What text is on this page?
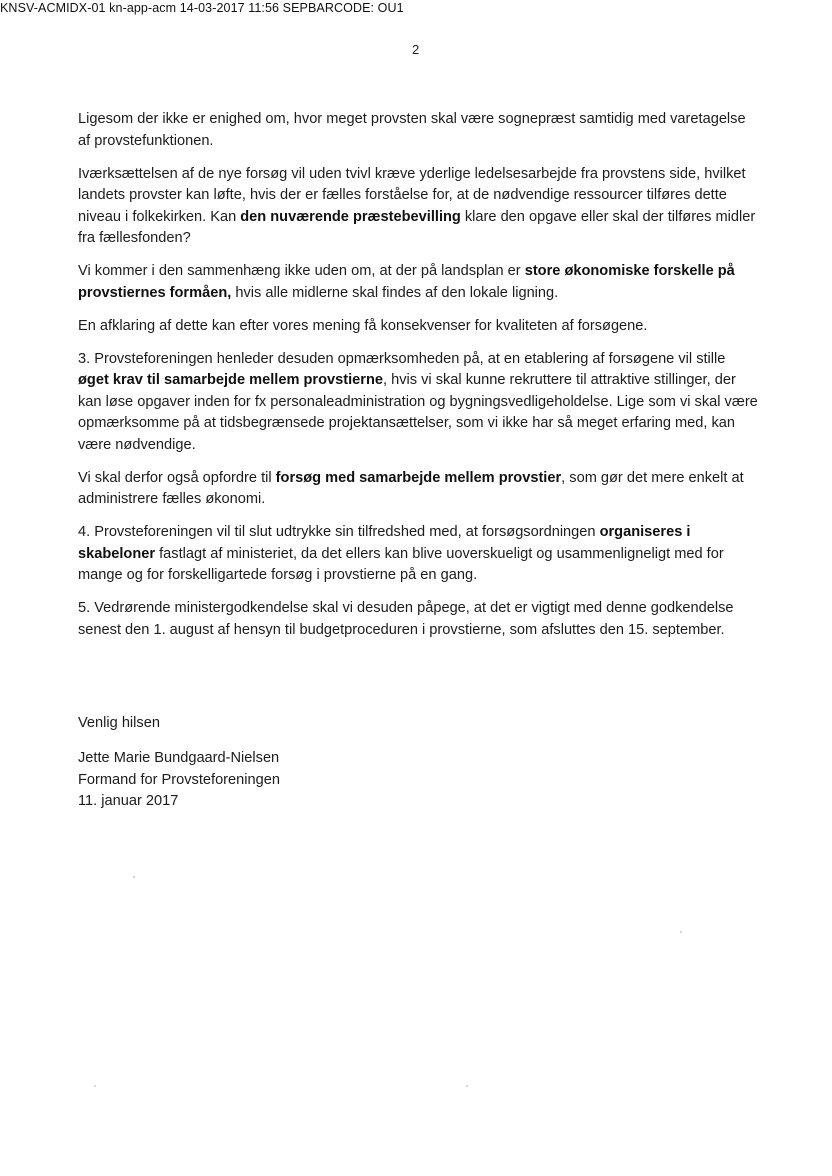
KNSV-ACMIDX-01 kn-app-acm 14-03-2017 11:56 SEPBARCODE: OU1
2

Ligesom der ikke er enighed om, hvor meget provsten skal være sognepræst samtidig med varetagelse af provstefunktionen.

Iværksættelsen af de nye forsøg vil uden tvivl kræve yderlige ledelsesarbejde fra provstens side, hvilket landets provster kan løfte, hvis der er fælles forståelse for, at de nødvendige ressourcer tilføres dette niveau i folkekirken. Kan den nuværende præstebevilling klare den opgave eller skal der tilføres midler fra fællesfonden?

Vi kommer i den sammenhæng ikke uden om, at der på landsplan er store økonomiske forskelle på provstiernes formåen, hvis alle midlerne skal findes af den lokale ligning.

En afklaring af dette kan efter vores mening få konsekvenser for kvaliteten af forsøgene.

3. Provsteforeningen henleder desuden opmærksomheden på, at en etablering af forsøgene vil stille øget krav til samarbejde mellem provstierne, hvis vi skal kunne rekruttere til attraktive stillinger, der kan løse opgaver inden for fx personaleadministration og bygningsvedligeholdelse. Lige som vi skal være opmærksomme på at tidsbegrænsede projektansættelser, som vi ikke har så meget erfaring med, kan være nødvendige.

Vi skal derfor også opfordre til forsøg med samarbejde mellem provstier, som gør det mere enkelt at administrere fælles økonomi.

4. Provsteforeningen vil til slut udtrykke sin tilfredshed med, at forsøgsordningen organiseres i skabeloner fastlagt af ministeriet, da det ellers kan blive uoverskueligt og usammenligneligt med for mange og for forskelligartede forsøg i provstierne på en gang.

5. Vedrørende ministergodkendelse skal vi desuden påpege, at det er vigtigt med denne godkendelse senest den 1. august af hensyn til budgetproceduren i provstierne, som afsluttes den 15. september.

Venlig hilsen

Jette Marie Bundgaard-Nielsen

Formand for Provsteforeningen

11. januar 2017
